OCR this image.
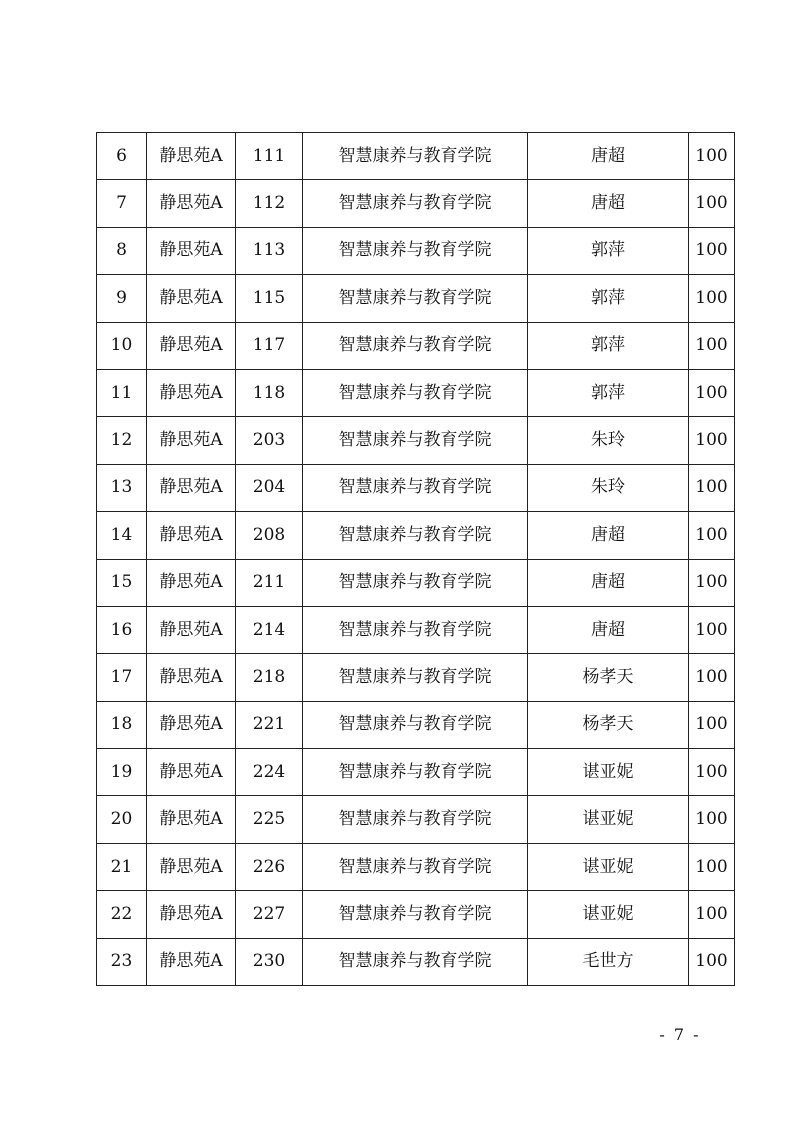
6	静思苑A	111	智慧康养与教育学院	唐超	100
7	静思苑A	112	智慧康养与教育学院	唐超	100
8	静思苑A	113	智慧康养与教育学院	郭萍	100
9	静思苑A	115	智慧康养与教育学院	郭萍	100
10	静思苑A	117	智慧康养与教育学院	郭萍	100
11	静思苑A	118	智慧康养与教育学院	郭萍	100
12	静思苑A	203	智慧康养与教育学院	朱玲	100
13	静思苑A	204	智慧康养与教育学院	朱玲	100
14	静思苑A	208	智慧康养与教育学院	唐超	100
15	静思苑A	211	智慧康养与教育学院	唐超	100
16	静思苑A	214	智慧康养与教育学院	唐超	100
17	静思苑A	218	智慧康养与教育学院	杨孝天	100
18	静思苑A	221	智慧康养与教育学院	杨孝天	100
19	静思苑A	224	智慧康养与教育学院	谌亚妮	100
20	静思苑A	225	智慧康养与教育学院	谌亚妮	100
21	静思苑A	226	智慧康养与教育学院	谌亚妮	100
22	静思苑A	227	智慧康养与教育学院	谌亚妮	100
23	静思苑A	230	智慧康养与教育学院	毛世方	100
- 7 -
